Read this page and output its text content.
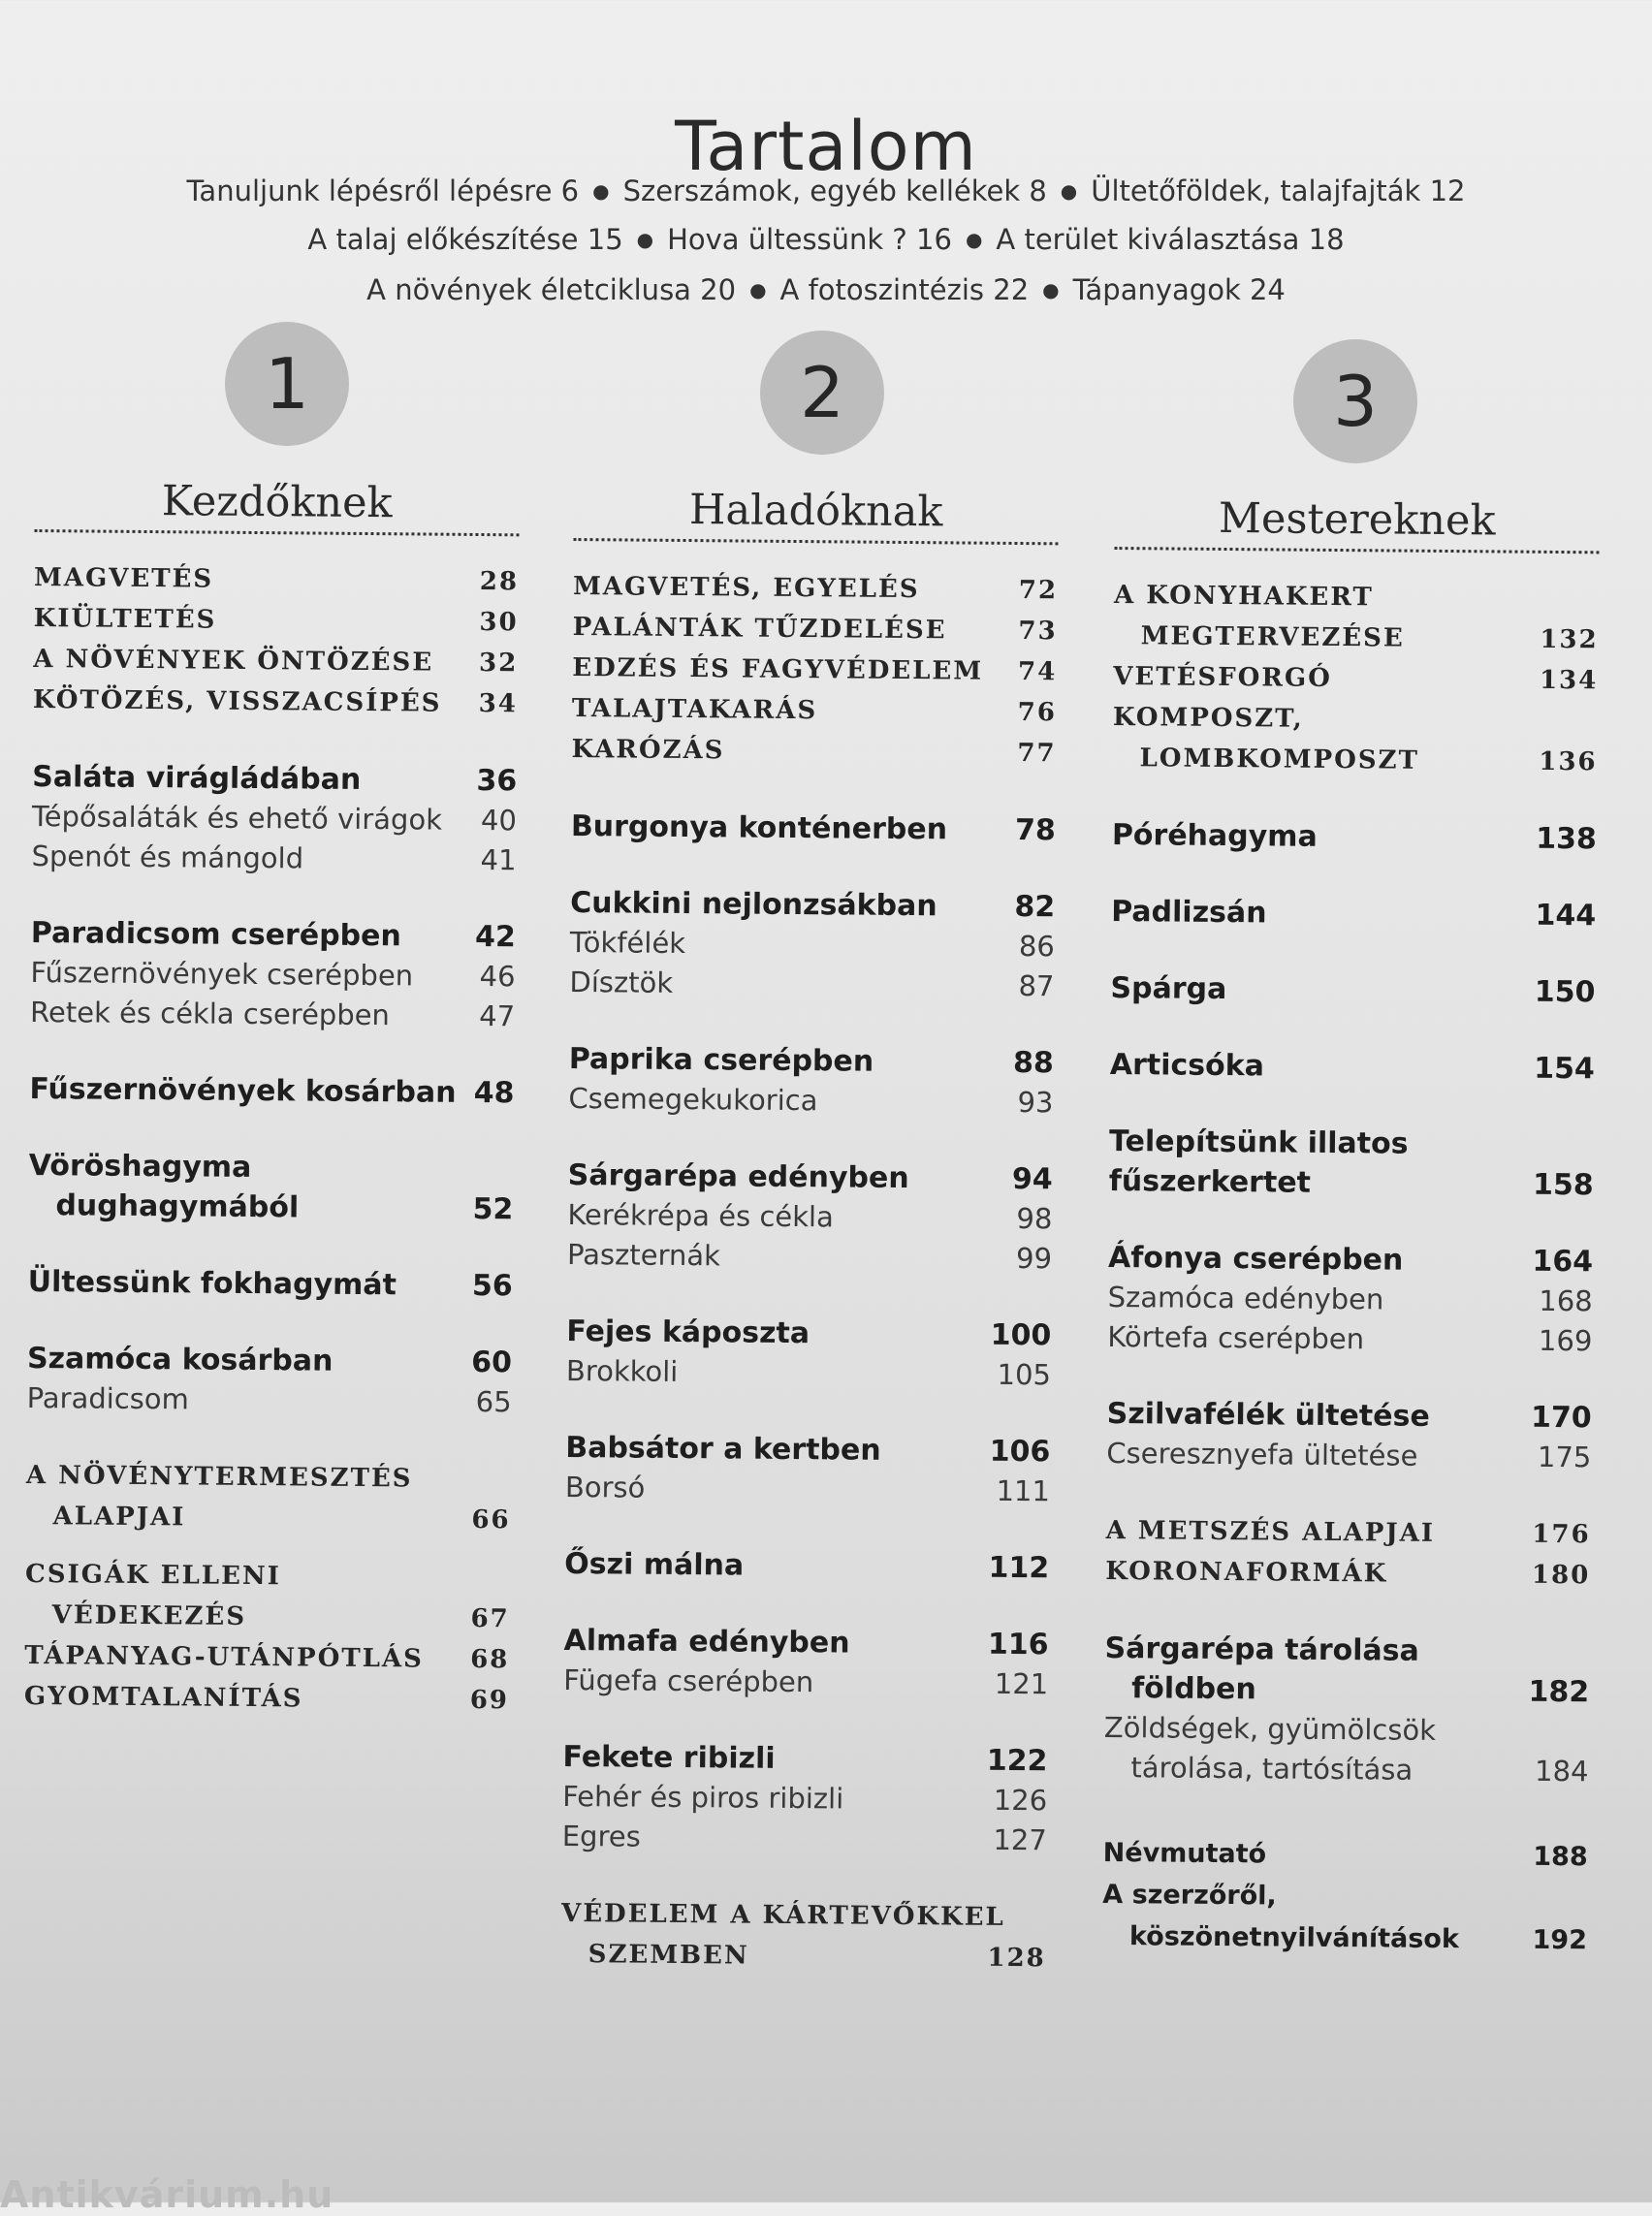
Tartalom
Tanuljunk lépésről lépésre 6 ● Szerszámok, egyéb kellékek 8 ● Ültetőföldek, talajfajták 12
A talaj előkészítése 15 ● Hova ültessünk ? 16 ● A terület kiválasztása 18
A növények életciklusa 20 ● A fotoszintézis 22 ● Tápanyagok 24
1	2	3
Kezdőknek
MAGVETÉS	28
KIÜLTETÉS	30
A NÖVÉNYEK ÖNTÖZÉSE 32
KÖTÖZÉS, VISSZACSÍPÉS 34
Saláta virágládában	36
Tépősaláták és ehető virágok 40
Spenót és mángold	41
Paradicsom cserépben	42
Fűszernövények cserépben 46
Retek és cékla cserépben	47
Fűszernövények kosárban 48
Vöröshagyma
dughagymából	52
Ültessünk fokhagymát	56
Szamóca kosárban	60
Paradicsom	65
A NÖVÉNYTERMESZTÉS
ALAPJAI	66
CSIGÁK ELLENI
VÉDEKEZÉS	67
TÁPANYAG-UTÁNPÓTLÁS 68
GYOMTALANÍTÁS	69
Haladóknak
MAGVETÉS, EGYELÉS	72
PALÁNTÁK TŰZDELÉSE	73
EDZÉS ÉS FAGYVÉDELEM 74
TALAJTAKARÁS	76
KARÓZÁS	77
Burgonya konténerben 78
Cukkini nejlonzsákban	82
Tökfélék	86
Dísztök	87
Paprika cserépben	88
Csemegekukorica	93
Sárgarépa edényben	94
Kerékrépa és cékla	98
Paszternák	99
Fejes káposzta	100
Brokkoli	105
Babsátor a kertben	106
Borsó	111
Őszi málna	112
Almafa edényben	116
Fügefa cserépben	121
Fekete ribizli	122
Fehér és piros ribizli	126
Egres	127
VÉDELEM A KÁRTEVŐKKEL
SZEMBEN	128
Mestereknek
A KONYHAKERT
MEGTERVEZÉSE	132
VETÉSFORGÓ	134
KOMPOSZT,
LOMBKOMPOSZT	136
Póréhagyma	138
Padlizsán	144
Spárga	150
Articsóka	154
Telepítsünk illatos
fűszerkertet	158
Áfonya cserépben	164
Szamóca edényben	168
Körtefa cserépben	169
Szilvafélék ültetése	170
Cseresznyefa ültetése	175
A METSZÉS ALAPJAI	176
KORONAFORMÁK	180
Sárgarépa tárolása
földben	182
Zöldségek, gyümölcsök
tárolása, tartósítása	184
Névmutató	188
A szerzőről,
köszönetnyilvánítások	192
Antikvárium.hu
